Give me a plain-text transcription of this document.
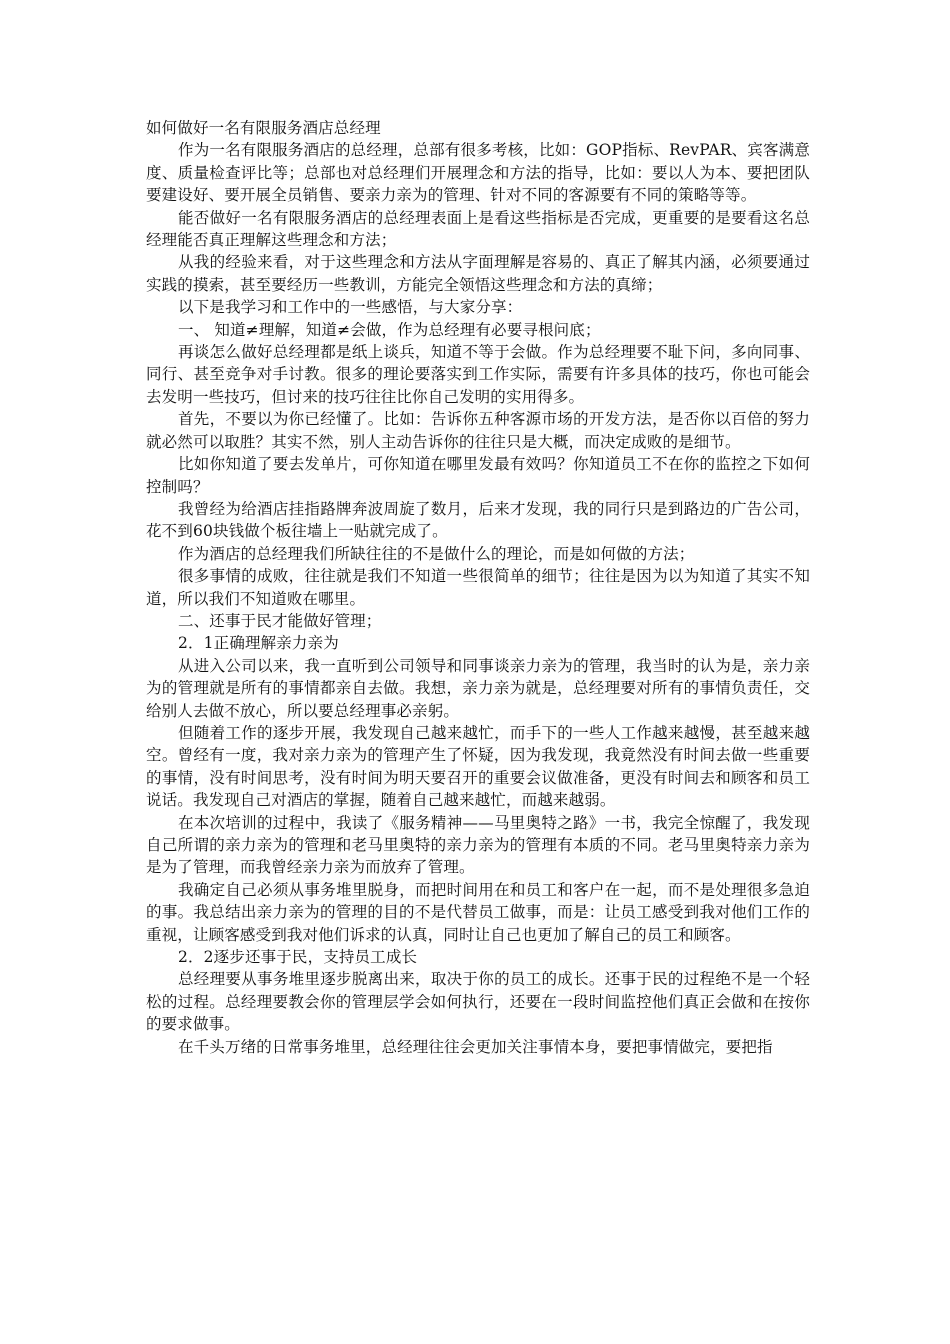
如何做好一名有限服务酒店总经理

作为一名有限服务酒店的总经理，总部有很多考核，比如：GOP指标、RevPAR、宾客满意度、质量检查评比等；总部也对总经理们开展理念和方法的指导，比如：要以人为本、要把团队要建设好、要开展全员销售、要亲力亲为的管理、针对不同的客源要有不同的策略等等。

能否做好一名有限服务酒店的总经理表面上是看这些指标是否完成，更重要的是要看这名总经理能否真正理解这些理念和方法；

从我的经验来看，对于这些理念和方法从字面理解是容易的、真正了解其内涵，必须要通过实践的摸索，甚至要经历一些教训，方能完全领悟这些理念和方法的真缔；

以下是我学习和工作中的一些感悟，与大家分享：

一、 知道≠理解，知道≠会做，作为总经理有必要寻根问底；

再谈怎么做好总经理都是纸上谈兵，知道不等于会做。作为总经理要不耻下问，多向同事、同行、甚至竞争对手讨教。很多的理论要落实到工作实际，需要有许多具体的技巧，你也可能会去发明一些技巧，但讨来的技巧往往比你自己发明的实用得多。

首先，不要以为你已经懂了。比如：告诉你五种客源市场的开发方法，是否你以百倍的努力就必然可以取胜？其实不然，别人主动告诉你的往往只是大概，而决定成败的是细节。

比如你知道了要去发单片，可你知道在哪里发最有效吗？你知道员工不在你的监控之下如何控制吗？

我曾经为给酒店挂指路牌奔波周旋了数月，后来才发现，我的同行只是到路边的广告公司，花不到60块钱做个板往墙上一贴就完成了。

作为酒店的总经理我们所缺往往的不是做什么的理论，而是如何做的方法；

很多事情的成败，往往就是我们不知道一些很简单的细节；往往是因为以为知道了其实不知道，所以我们不知道败在哪里。

二、还事于民才能做好管理；

2．1正确理解亲力亲为

从进入公司以来，我一直听到公司领导和同事谈亲力亲为的管理，我当时的认为是，亲力亲为的管理就是所有的事情都亲自去做。我想，亲力亲为就是，总经理要对所有的事情负责任，交给别人去做不放心，所以要总经理事必亲躬。

但随着工作的逐步开展，我发现自己越来越忙，而手下的一些人工作越来越慢，甚至越来越空。曾经有一度，我对亲力亲为的管理产生了怀疑，因为我发现，我竟然没有时间去做一些重要的事情，没有时间思考，没有时间为明天要召开的重要会议做准备，更没有时间去和顾客和员工说话。我发现自己对酒店的掌握，随着自己越来越忙，而越来越弱。

在本次培训的过程中，我读了《服务精神——马里奥特之路》一书，我完全惊醒了，我发现自己所谓的亲力亲为的管理和老马里奥特的亲力亲为的管理有本质的不同。老马里奥特亲力亲为是为了管理，而我曾经亲力亲为而放弃了管理。

我确定自己必须从事务堆里脱身，而把时间用在和员工和客户在一起，而不是处理很多急迫的事。我总结出亲力亲为的管理的目的不是代替员工做事，而是：让员工感受到我对他们工作的重视，让顾客感受到我对他们诉求的认真，同时让自己也更加了解自己的员工和顾客。

2．2逐步还事于民，支持员工成长

总经理要从事务堆里逐步脱离出来，取决于你的员工的成长。还事于民的过程绝不是一个轻松的过程。总经理要教会你的管理层学会如何执行，还要在一段时间监控他们真正会做和在按你的要求做事。

在千头万绪的日常事务堆里，总经理往往会更加关注事情本身，要把事情做完，要把指
